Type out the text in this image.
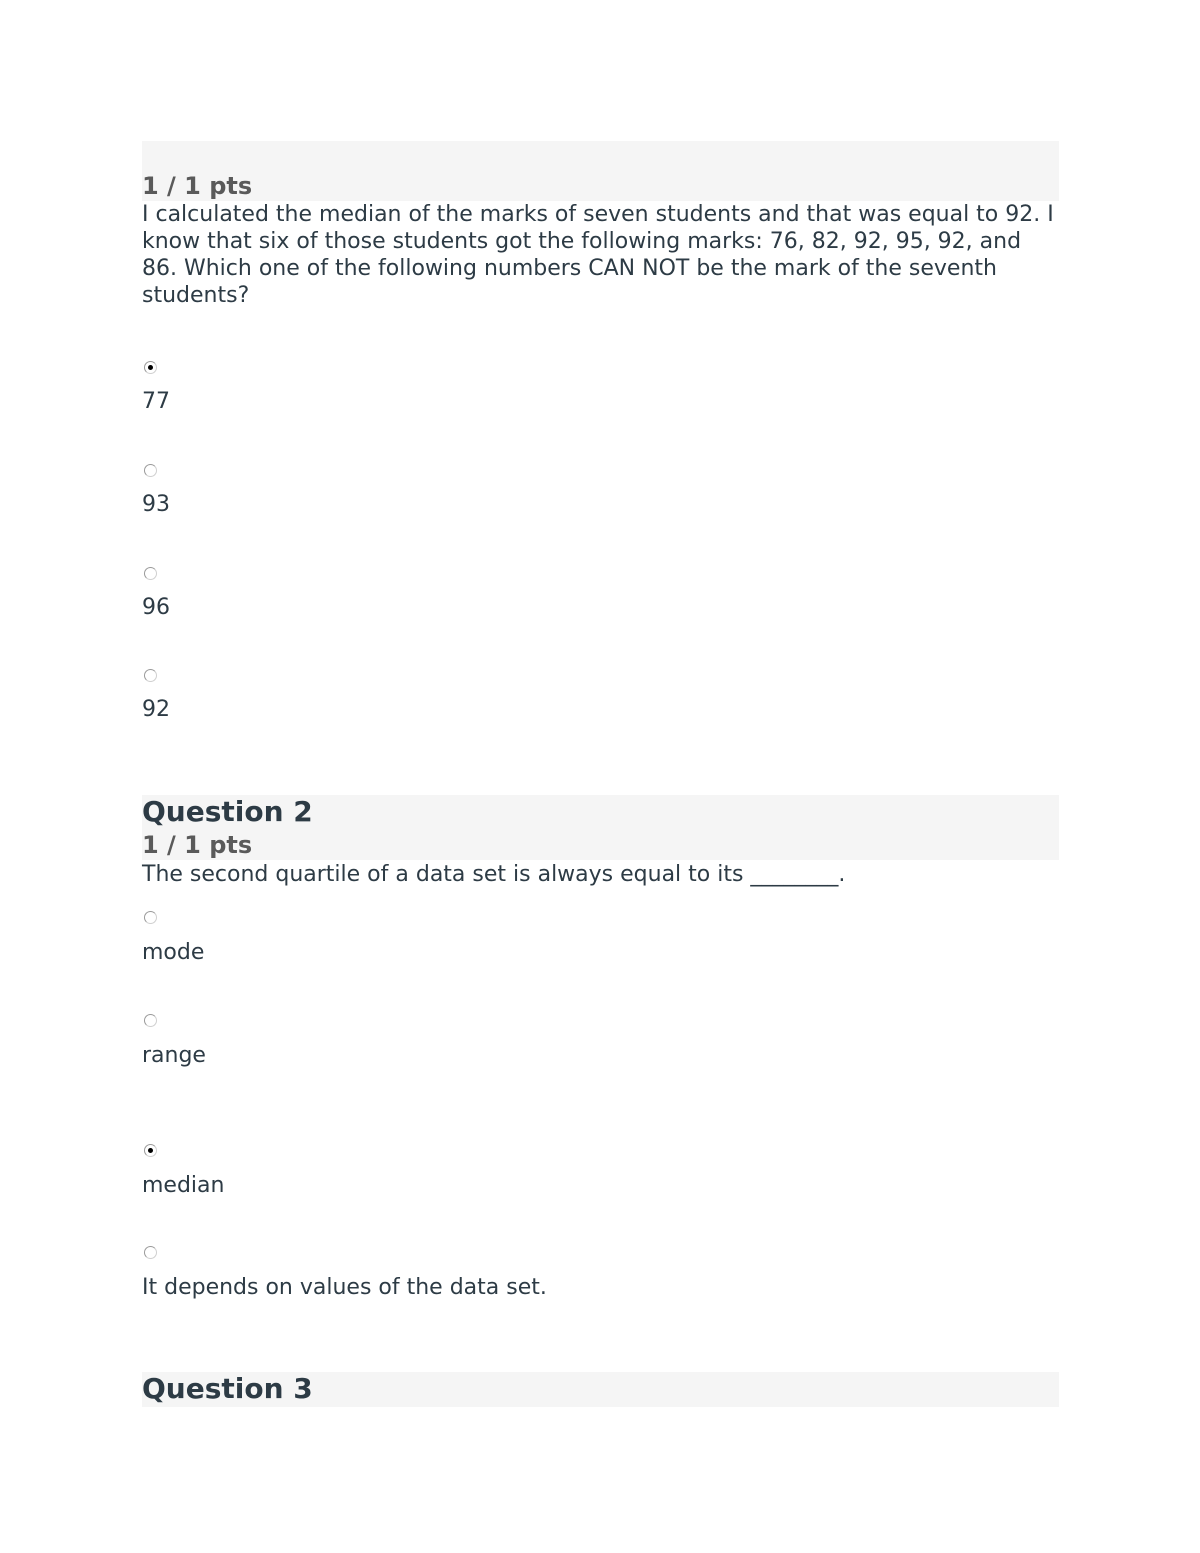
1 / 1 pts
I calculated the median of the marks of seven students and that was equal to 92. I know that six of those students got the following marks: 76, 82, 92, 95, 92, and 86. Which one of the following numbers CAN NOT be the mark of the seventh students?
77
93
96
92
Question 2
1 / 1 pts
The second quartile of a data set is always equal to its ________.
mode
range
median
It depends on values of the data set.
Question 3
